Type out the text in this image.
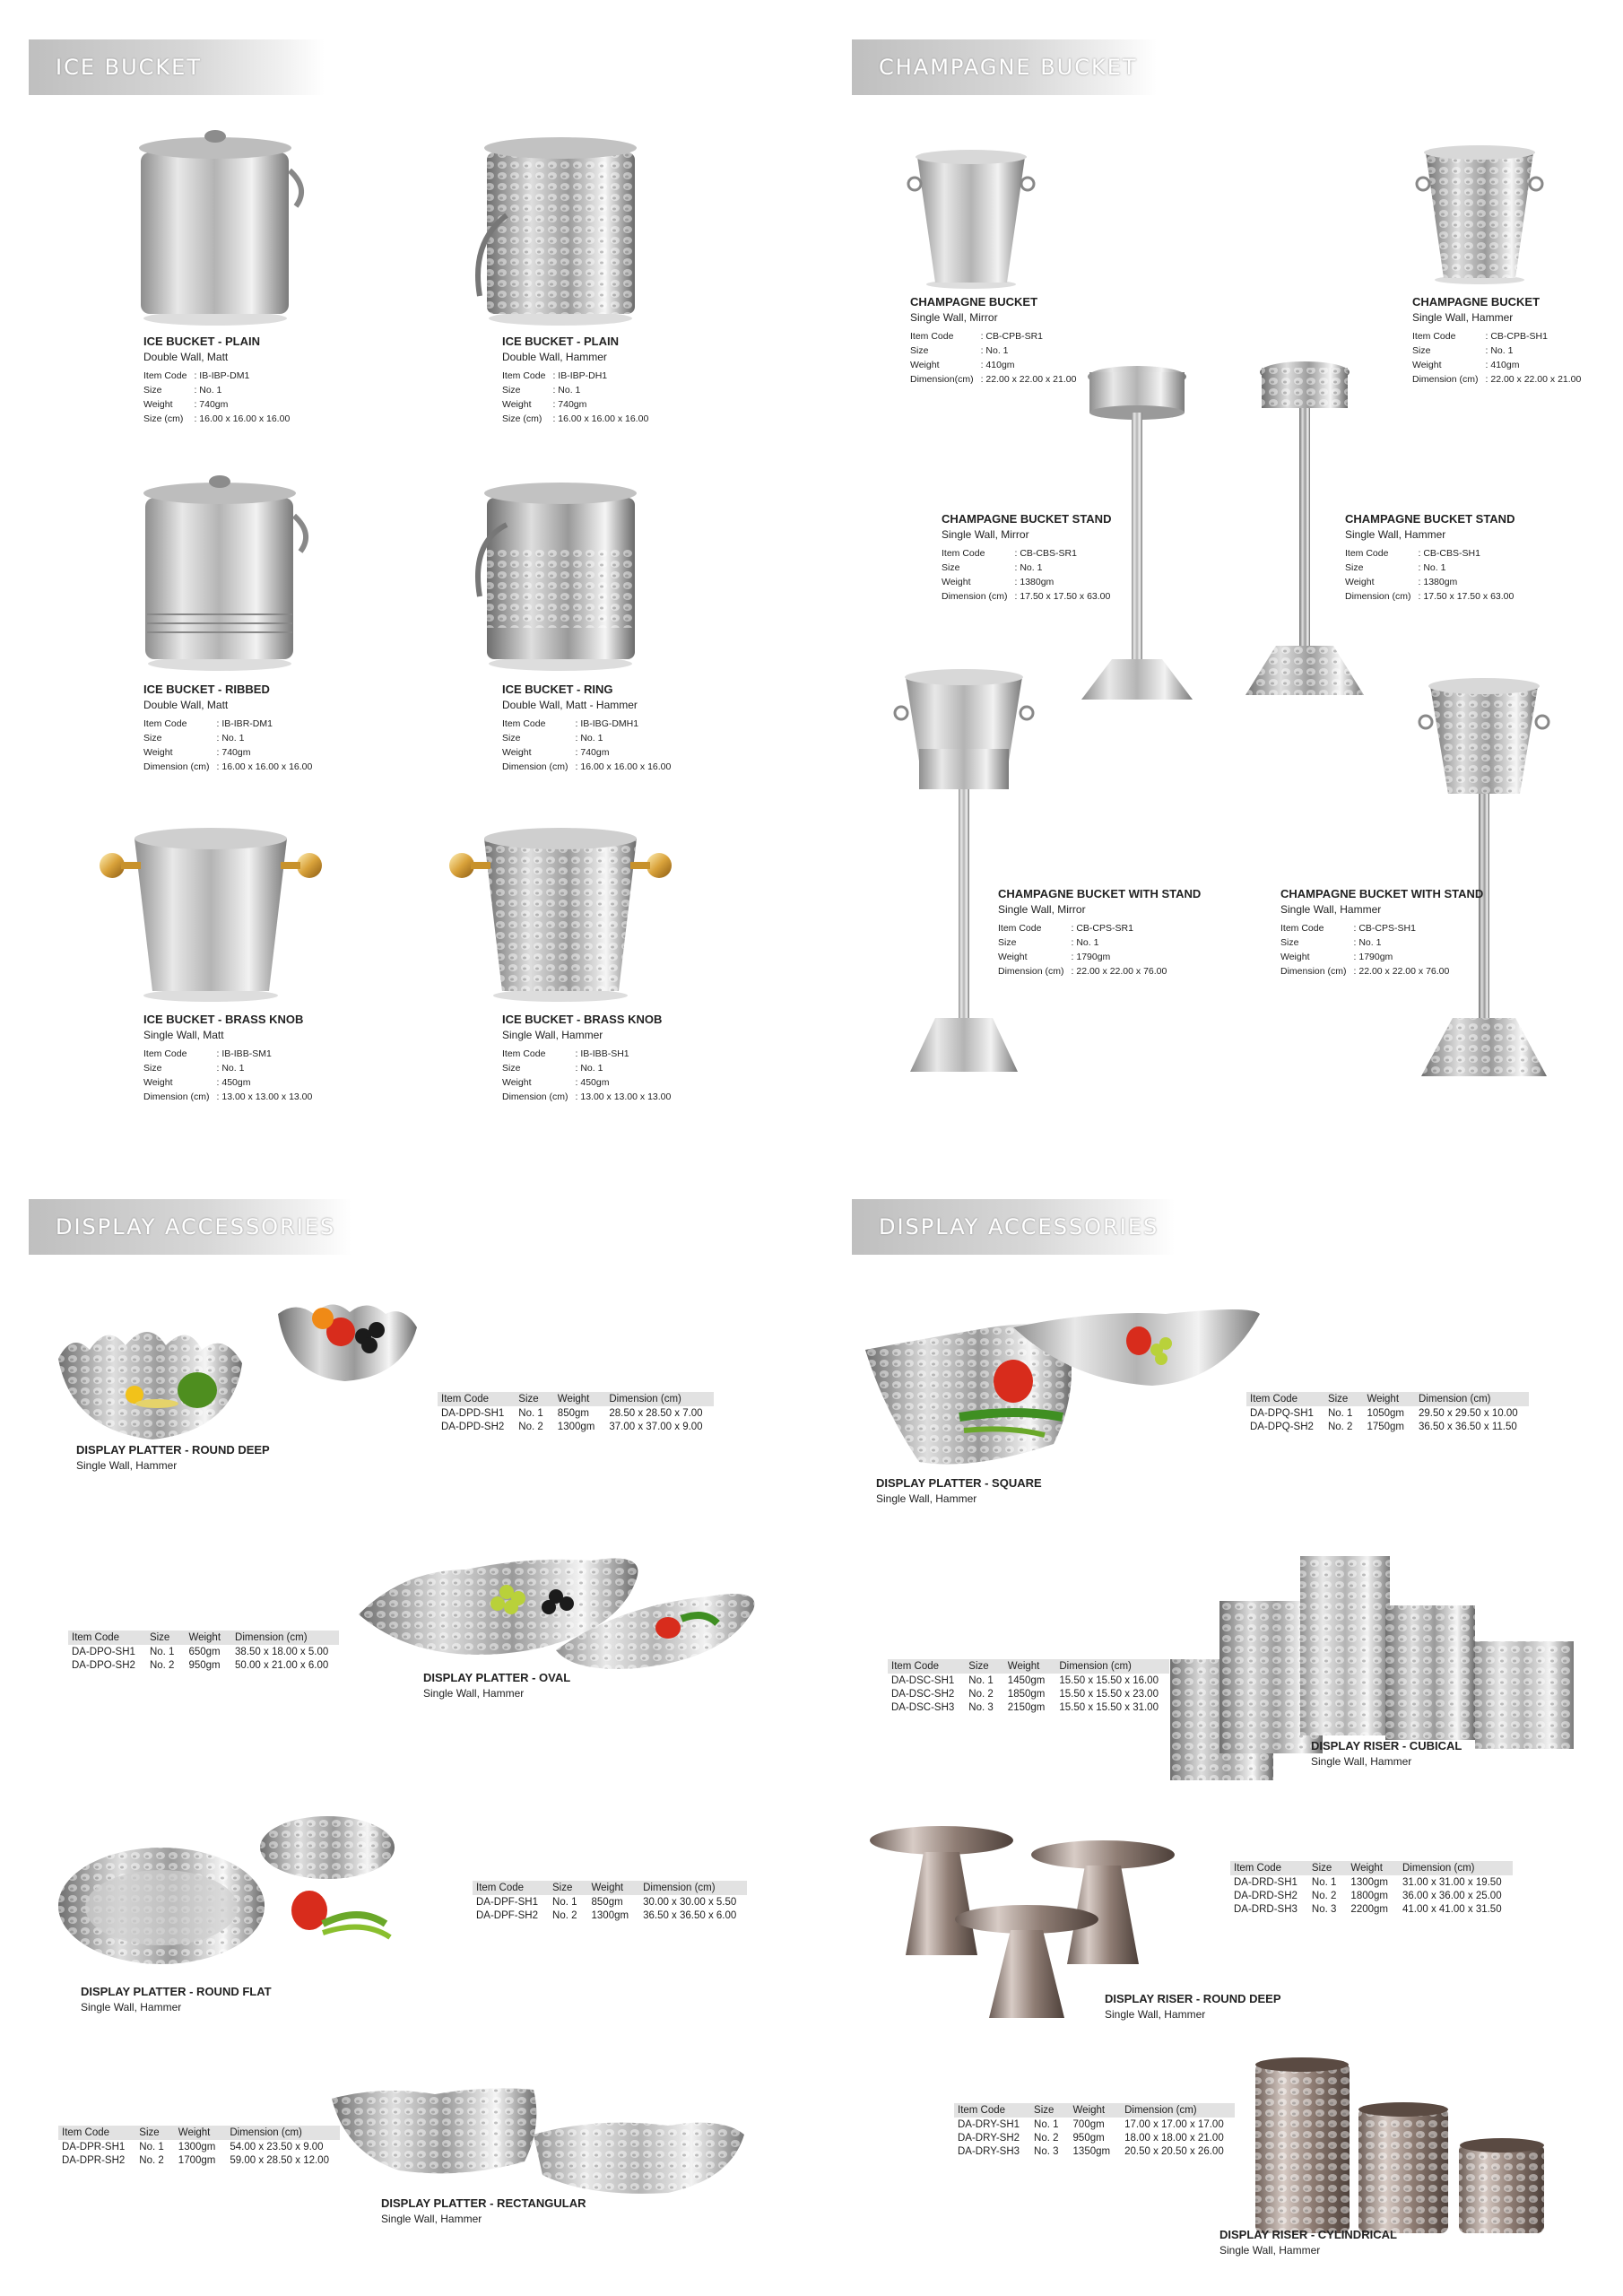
ICE BUCKET	CHAMPAGNE BUCKET
DISPLAY ACCESSORIES	DISPLAY ACCESSORIES
ICE BUCKET - PLAIN
Double Wall, Matt
Item Code	: IB-IBP-DM1
Size	: No. 1
Weight	: 740gm
Size (cm)	: 16.00 x 16.00 x 16.00
ICE BUCKET - PLAIN
Double Wall, Hammer
Item Code	: IB-IBP-DH1
Size	: No. 1
Weight	: 740gm
Size (cm)	: 16.00 x 16.00 x 16.00
ICE BUCKET - RIBBED
Double Wall, Matt
Item Code	: IB-IBR-DM1
Size	: No. 1
Weight	: 740gm
Dimension (cm)	: 16.00 x 16.00 x 16.00
ICE BUCKET - RING
Double Wall, Matt - Hammer
Item Code	: IB-IBG-DMH1
Size	: No. 1
Weight	: 740gm
Dimension (cm)	: 16.00 x 16.00 x 16.00
ICE BUCKET - BRASS KNOB
Single Wall, Matt
Item Code	: IB-IBB-SM1
Size	: No. 1
Weight	: 450gm
Dimension (cm)	: 13.00 x 13.00 x 13.00
ICE BUCKET - BRASS KNOB
Single Wall, Hammer
Item Code	: IB-IBB-SH1
Size	: No. 1
Weight	: 450gm
Dimension (cm)	: 13.00 x 13.00 x 13.00
CHAMPAGNE BUCKET
Single Wall, Mirror
Item Code	: CB-CPB-SR1
Size	: No. 1
Weight	: 410gm
Dimension(cm)	: 22.00 x 22.00 x 21.00
CHAMPAGNE BUCKET
Single Wall, Hammer
Item Code	: CB-CPB-SH1
Size	: No. 1
Weight	: 410gm
Dimension (cm)	: 22.00 x 22.00 x 21.00
CHAMPAGNE BUCKET STAND
Single Wall, Mirror
Item Code	: CB-CBS-SR1
Size	: No. 1
Weight	: 1380gm
Dimension (cm)	: 17.50 x 17.50 x 63.00
CHAMPAGNE BUCKET STAND
Single Wall, Hammer
Item Code	: CB-CBS-SH1
Size	: No. 1
Weight	: 1380gm
Dimension (cm)	: 17.50 x 17.50 x 63.00
CHAMPAGNE BUCKET WITH STAND
Single Wall, Mirror
Item Code	: CB-CPS-SR1
Size	: No. 1
Weight	: 1790gm
Dimension (cm)	: 22.00 x 22.00 x 76.00
CHAMPAGNE BUCKET WITH STAND
Single Wall, Hammer
Item Code	: CB-CPS-SH1
Size	: No. 1
Weight	: 1790gm
Dimension (cm)	: 22.00 x 22.00 x 76.00
DISPLAY PLATTER - ROUND DEEP
Single Wall, Hammer
Item Code	Size	Weight	Dimension (cm)
DA-DPD-SH1	No. 1	850gm	28.50 x 28.50 x 7.00
DA-DPD-SH2	No. 2	1300gm	37.00 x 37.00 x 9.00
Item Code	Size	Weight	Dimension (cm)
DA-DPO-SH1	No. 1	650gm	38.50 x 18.00 x 5.00
DA-DPO-SH2	No. 2	950gm	50.00 x 21.00 x 6.00
DISPLAY PLATTER - OVAL
Single Wall, Hammer
DISPLAY PLATTER - ROUND FLAT
Single Wall, Hammer
Item Code	Size	Weight	Dimension (cm)
DA-DPF-SH1	No. 1	850gm	30.00 x 30.00 x 5.50
DA-DPF-SH2	No. 2	1300gm	36.50 x 36.50 x 6.00
Item Code	Size	Weight	Dimension (cm)
DA-DPR-SH1	No. 1	1300gm	54.00 x 23.50 x 9.00
DA-DPR-SH2	No. 2	1700gm	59.00 x 28.50 x 12.00
DISPLAY PLATTER - RECTANGULAR
Single Wall, Hammer
Item Code	Size	Weight	Dimension (cm)
DA-DPQ-SH1	No. 1	1050gm	29.50 x 29.50 x 10.00
DA-DPQ-SH2	No. 2	1750gm	36.50 x 36.50 x 11.50
DISPLAY PLATTER - SQUARE
Single Wall, Hammer
Item Code	Size	Weight	Dimension (cm)
DA-DSC-SH1	No. 1	1450gm	15.50 x 15.50 x 16.00
DA-DSC-SH2	No. 2	1850gm	15.50 x 15.50 x 23.00
DA-DSC-SH3	No. 3	2150gm	15.50 x 15.50 x 31.00
DISPLAY RISER - CUBICAL
Single Wall, Hammer
Item Code	Size	Weight	Dimension (cm)
DA-DRD-SH1	No. 1	1300gm	31.00 x 31.00 x 19.50
DA-DRD-SH2	No. 2	1800gm	36.00 x 36.00 x 25.00
DA-DRD-SH3	No. 3	2200gm	41.00 x 41.00 x 31.50
DISPLAY RISER - ROUND DEEP
Single Wall, Hammer
Item Code	Size	Weight	Dimension (cm)
DA-DRY-SH1	No. 1	700gm	17.00 x 17.00 x 17.00
DA-DRY-SH2	No. 2	950gm	18.00 x 18.00 x 21.00
DA-DRY-SH3	No. 3	1350gm	20.50 x 20.50 x 26.00
DISPLAY RISER - CYLINDRICAL
Single Wall, Hammer
